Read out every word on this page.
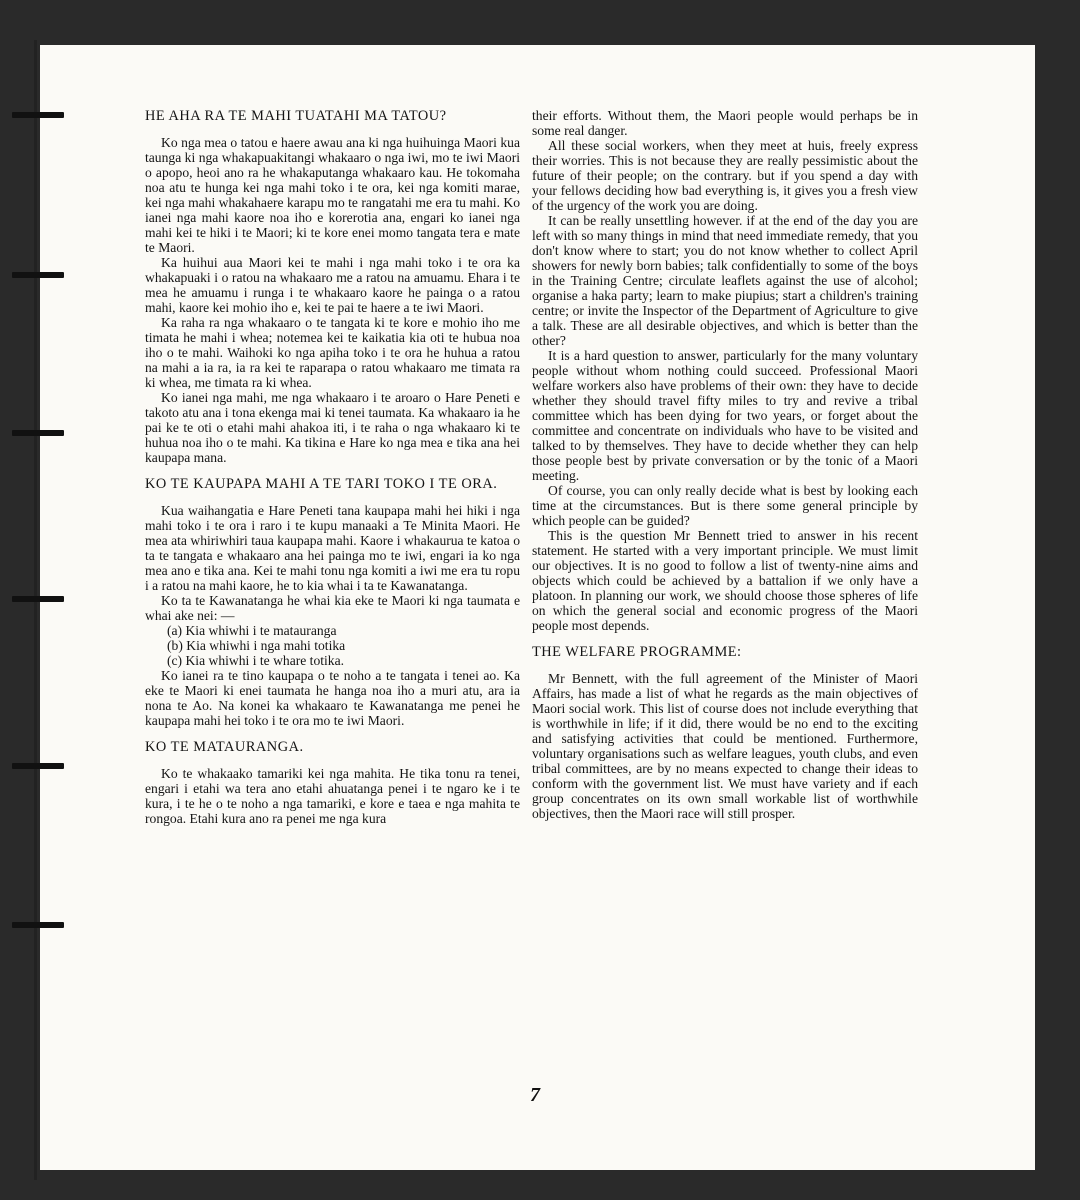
HE AHA RA TE MAHI TUATAHI MA TATOU?

Ko nga mea o tatou e haere awau ana ki nga huihuinga Maori kua taunga ki nga whakapuakitangi whakaaro o nga iwi, mo te iwi Maori o apopo, heoi ano ra he whakaputanga whakaaro kau. He tokomaha noa atu te hunga kei nga mahi toko i te ora, kei nga komiti marae, kei nga mahi whakahaere karapu mo te rangatahi me era tu mahi. Ko ianei nga mahi kaore noa iho e korerotia ana, engari ko ianei nga mahi kei te hiki i te Maori; ki te kore enei momo tangata tera e mate te Maori.

Ka huihui aua Maori kei te mahi i nga mahi toko i te ora ka whakapuaki i o ratou na whakaaro me a ratou na amuamu. Ehara i te mea he amuamu i runga i te whakaaro kaore he painga o a ratou mahi, kaore kei mohio iho e, kei te pai te haere a te iwi Maori.

Ka raha ra nga whakaaro o te tangata ki te kore e mohio iho me timata he mahi i whea; notemea kei te kaikatia kia oti te hubua noa iho o te mahi. Waihoki ko nga apiha toko i te ora he huhua a ratou na mahi a ia ra, ia ra kei te raparapa o ratou whakaaro me timata ra ki whea, me timata ra ki whea.

Ko ianei nga mahi, me nga whakaaro i te aroaro o Hare Peneti e takoto atu ana i tona ekenga mai ki tenei taumata. Ka whakaaro ia he pai ke te oti o etahi mahi ahakoa iti, i te raha o nga whakaaro ki te huhua noa iho o te mahi. Ka tikina e Hare ko nga mea e tika ana hei kaupapa mana.

KO TE KAUPAPA MAHI A TE TARI TOKO I TE ORA.

Kua waihangatia e Hare Peneti tana kaupapa mahi hei hiki i nga mahi toko i te ora i raro i te kupu manaaki a Te Minita Maori. He mea ata whiriwhiri taua kaupapa mahi. Kaore i whakaurua te katoa o ta te tangata e whakaaro ana hei painga mo te iwi, engari ia ko nga mea ano e tika ana. Kei te mahi tonu nga komiti a iwi me era tu ropu i a ratou na mahi kaore, he to kia whai i ta te Kawanatanga.

Ko ta te Kawanatanga he whai kia eke te Maori ki nga taumata e whai ake nei: —

(a) Kia whiwhi i te matauranga
(b) Kia whiwhi i nga mahi totika
(c) Kia whiwhi i te whare totika.

Ko ianei ra te tino kaupapa o te noho a te tangata i tenei ao. Ka eke te Maori ki enei taumata he hanga noa iho a muri atu, ara ia nona te Ao. Na konei ka whakaaro te Kawanatanga me penei he kaupapa mahi hei toko i te ora mo te iwi Maori.

KO TE MATAURANGA.

Ko te whakaako tamariki kei nga mahita. He tika tonu ra tenei, engari i etahi wa tera ano etahi ahuatanga penei i te ngaro ke i te kura, i te he o te noho a nga tamariki, e kore e taea e nga mahita te rongoa. Etahi kura ano ra penei me nga kura

their efforts. Without them, the Maori people would perhaps be in some real danger.

All these social workers, when they meet at huis, freely express their worries. This is not because they are really pessimistic about the future of their people; on the contrary. but if you spend a day with your fellows deciding how bad everything is, it gives you a fresh view of the urgency of the work you are doing.

It can be really unsettling however. if at the end of the day you are left with so many things in mind that need immediate remedy, that you don't know where to start; you do not know whether to collect April showers for newly born babies; talk confidentially to some of the boys in the Training Centre; circulate leaflets against the use of alcohol; organise a haka party; learn to make piupius; start a children's training centre; or invite the Inspector of the Department of Agriculture to give a talk. These are all desirable objectives, and which is better than the other?

It is a hard question to answer, particularly for the many voluntary people without whom nothing could succeed. Professional Maori welfare workers also have problems of their own: they have to decide whether they should travel fifty miles to try and revive a tribal committee which has been dying for two years, or forget about the committee and concentrate on individuals who have to be visited and talked to by themselves. They have to decide whether they can help those people best by private conversation or by the tonic of a Maori meeting.

Of course, you can only really decide what is best by looking each time at the circumstances. But is there some general principle by which people can be guided?

This is the question Mr Bennett tried to answer in his recent statement. He started with a very important principle. We must limit our objectives. It is no good to follow a list of twenty-nine aims and objects which could be achieved by a battalion if we only have a platoon. In planning our work, we should choose those spheres of life on which the general social and economic progress of the Maori people most depends.

THE WELFARE PROGRAMME:

Mr Bennett, with the full agreement of the Minister of Maori Affairs, has made a list of what he regards as the main objectives of Maori social work. This list of course does not include everything that is worthwhile in life; if it did, there would be no end to the exciting and satisfying activities that could be mentioned. Furthermore, voluntary organisations such as welfare leagues, youth clubs, and even tribal committees, are by no means expected to change their ideas to conform with the government list. We must have variety and if each group concentrates on its own small workable list of worthwhile objectives, then the Maori race will still prosper.

7
